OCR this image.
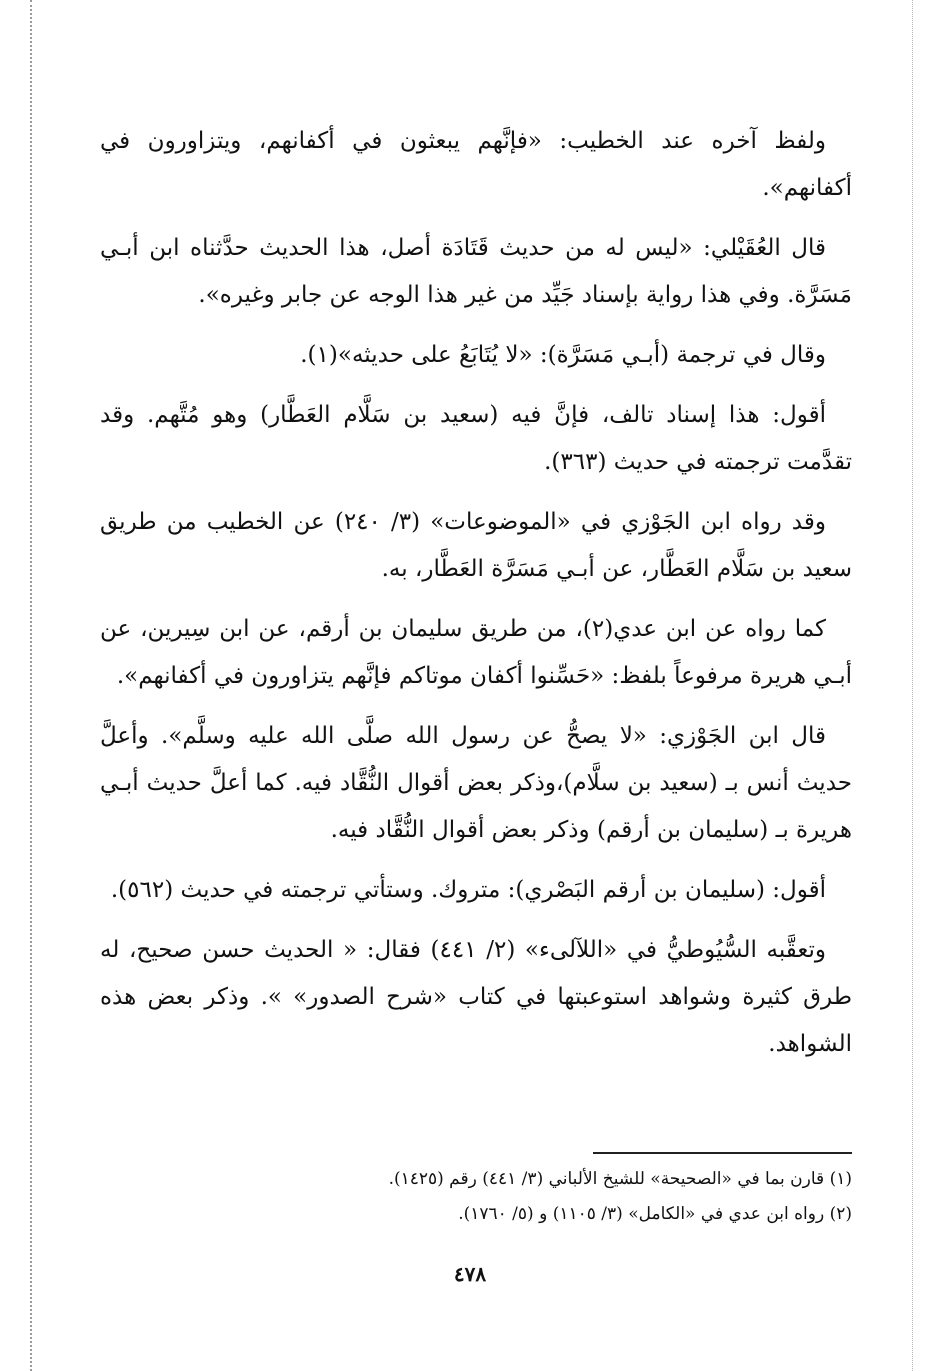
ولفظ آخره عند الخطيب: «فإنَّهم يبعثون في أكفانهم، ويتزاورون في أكفانهم».

قال العُقَيْلي: «ليس له من حديث قَتَادَة أصل، هذا الحديث حدَّثناه ابن أبـي مَسَرَّة. وفي هذا رواية بإسناد جَيِّد من غير هذا الوجه عن جابر وغيره».

وقال في ترجمة (أبـي مَسَرَّة): «لا يُتَابَعُ على حديثه»(١).

أقول: هذا إسناد تالف، فإنَّ فيه (سعيد بن سَلَّام العَطَّار) وهو مُتَّهم. وقد تقدَّمت ترجمته في حديث (٣٦٣).

وقد رواه ابن الجَوْزي في «الموضوعات» (٣/ ٢٤٠) عن الخطيب من طريق سعيد بن سَلَّام العَطَّار، عن أبـي مَسَرَّة العَطَّار، به.

كما رواه عن ابن عدي(٢)، من طريق سليمان بن أرقم، عن ابن سِيرين، عن أبـي هريرة مرفوعاً بلفظ: «حَسِّنوا أكفان موتاكم فإنَّهم يتزاورون في أكفانهم».

قال ابن الجَوْزي: «لا يصحُّ عن رسول الله صلَّى الله عليه وسلَّم». وأعلَّ حديث أنس بـ (سعيد بن سلَّام)،وذكر بعض أقوال النُّقَّاد فيه. كما أعلَّ حديث أبـي هريرة بـ (سليمان بن أرقم) وذكر بعض أقوال النُّقَّاد فيه.

أقول: (سليمان بن أرقم البَصْري): متروك. وستأتي ترجمته في حديث (٥٦٢).

وتعقَّبه السُّيُوطيُّ في «اللآلىء» (٢/ ٤٤١) فقال: « الحديث حسن صحيح، له طرق كثيرة وشواهد استوعبتها في كتاب «شرح الصدور» ». وذكر بعض هذه الشواهد.

(١) قارن بما في «الصحيحة» للشيخ الألباني (٣/ ٤٤١) رقم (١٤٢٥).
(٢) رواه ابن عدي في «الكامل» (٣/ ١١٠٥) و (٥/ ١٧٦٠).
٤٧٨
